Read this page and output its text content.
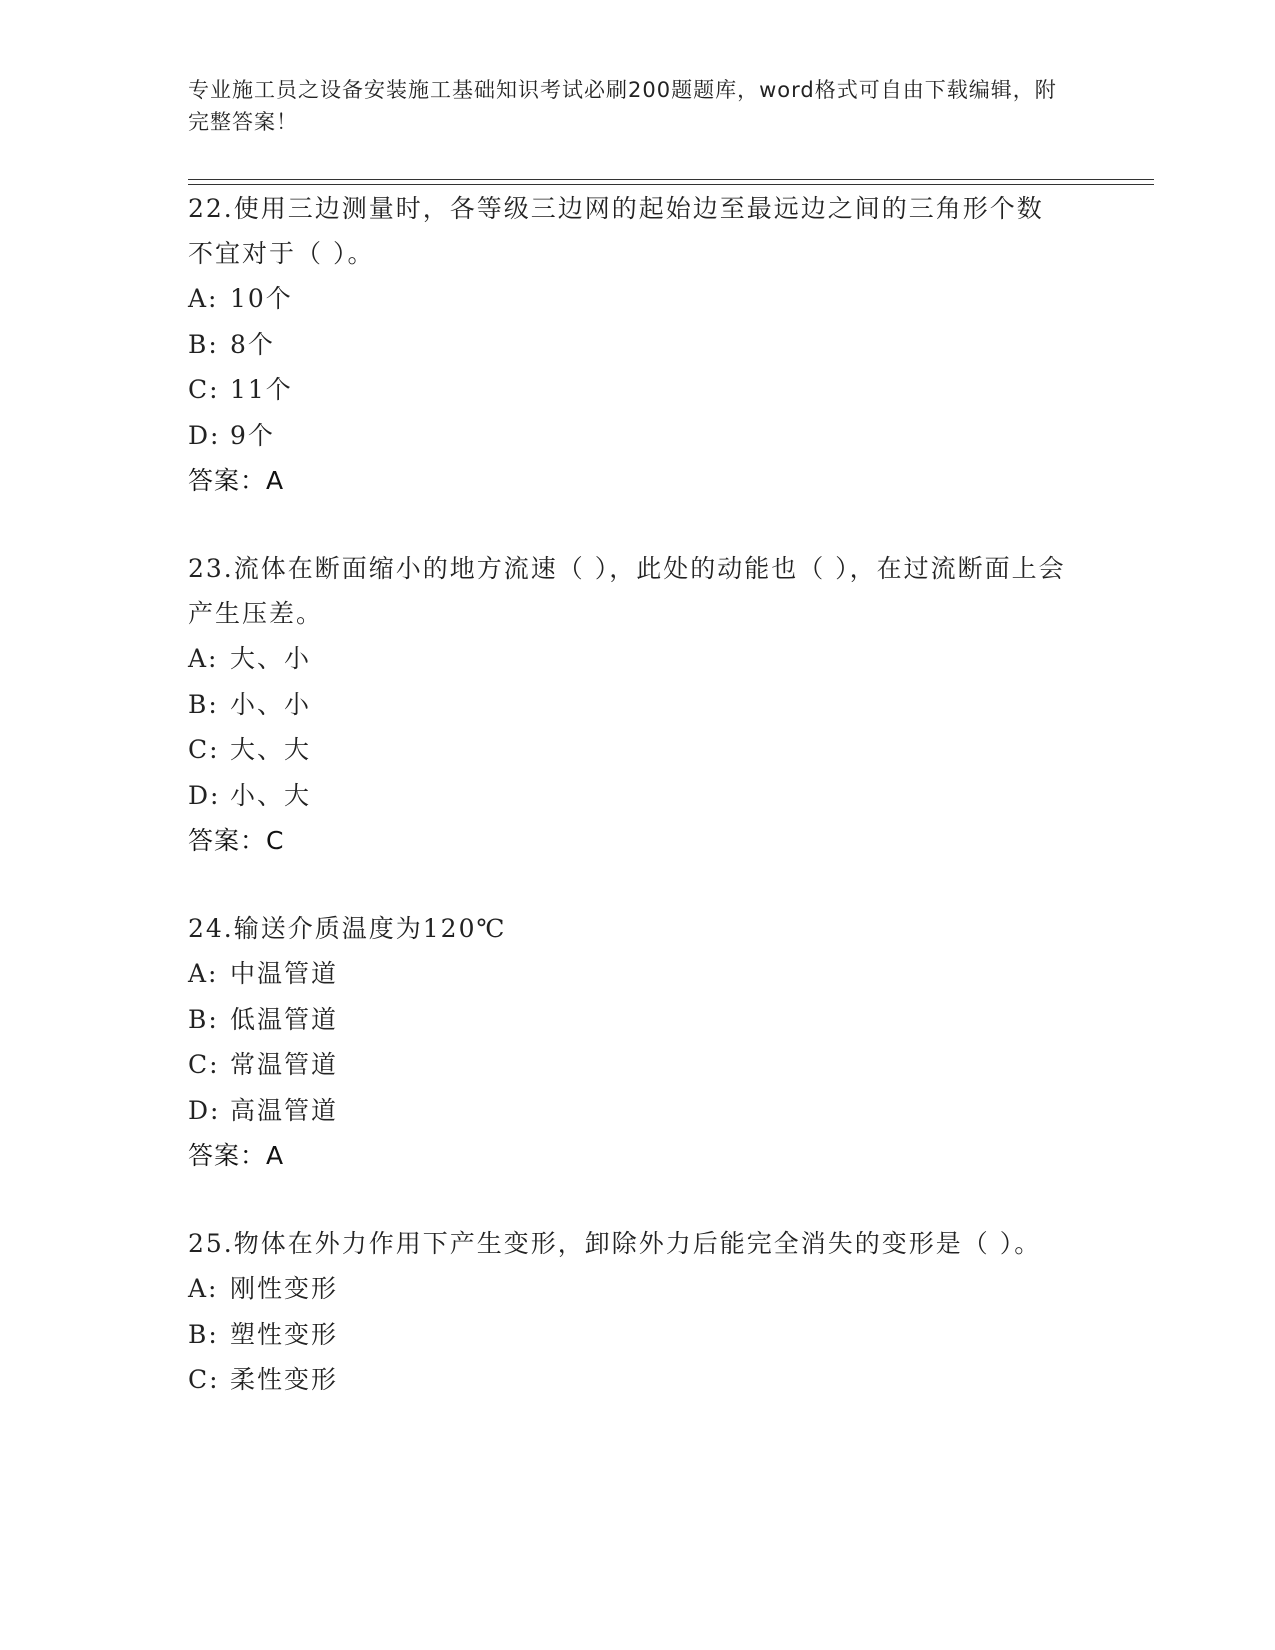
专业施工员之设备安装施工基础知识考试必刷200题题库，word格式可自由下载编辑，附完整答案！

22.使用三边测量时，各等级三边网的起始边至最远边之间的三角形个数不宜对于（ ）。

A: 10个

B: 8个

C: 11个

D: 9个

答案：A

23.流体在断面缩小的地方流速（ ），此处的动能也（ ），在过流断面上会产生压差。

A: 大、小

B: 小、小

C: 大、大

D: 小、大

答案：C

24.输送介质温度为120℃

A: 中温管道

B: 低温管道

C: 常温管道

D: 高温管道

答案：A

25.物体在外力作用下产生变形，卸除外力后能完全消失的变形是（ ）。

A: 刚性变形

B: 塑性变形

C: 柔性变形
